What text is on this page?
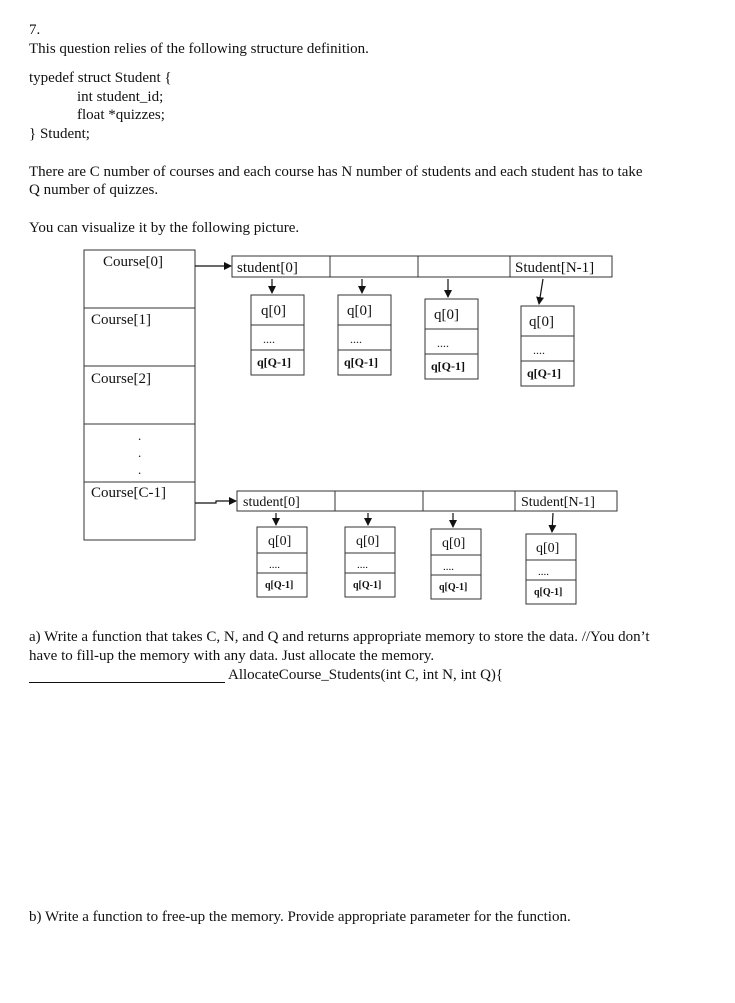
7.
This question relies of the following structure definition.
typedef struct Student {
int student_id;
float *quizzes;
} Student;
There are C number of courses and each course has N number of students and each student has to take
Q number of quizzes.
You can visualize it by the following picture.
Course[0]
Course[1]
Course[2]
.
.
.
Course[C-1]
student[0]	Student[N-1]
student[0]	Student[N-1]
q[0]	q[0]	q[0]	q[0]
....	....	....	....
q[Q-1]	q[Q-1]	q[Q-1]	q[Q-1]
q[0]	q[0]	q[0]	q[0]
....	....	....	....
q[Q-1]	q[Q-1]	q[Q-1]	q[Q-1]
a) Write a function that takes C, N, and Q and returns appropriate memory to store the data. //You don’t
have to fill-up the memory with any data. Just allocate the memory.
AllocateCourse_Students(int C, int N, int Q){
b) Write a function to free-up the memory. Provide appropriate parameter for the function.
